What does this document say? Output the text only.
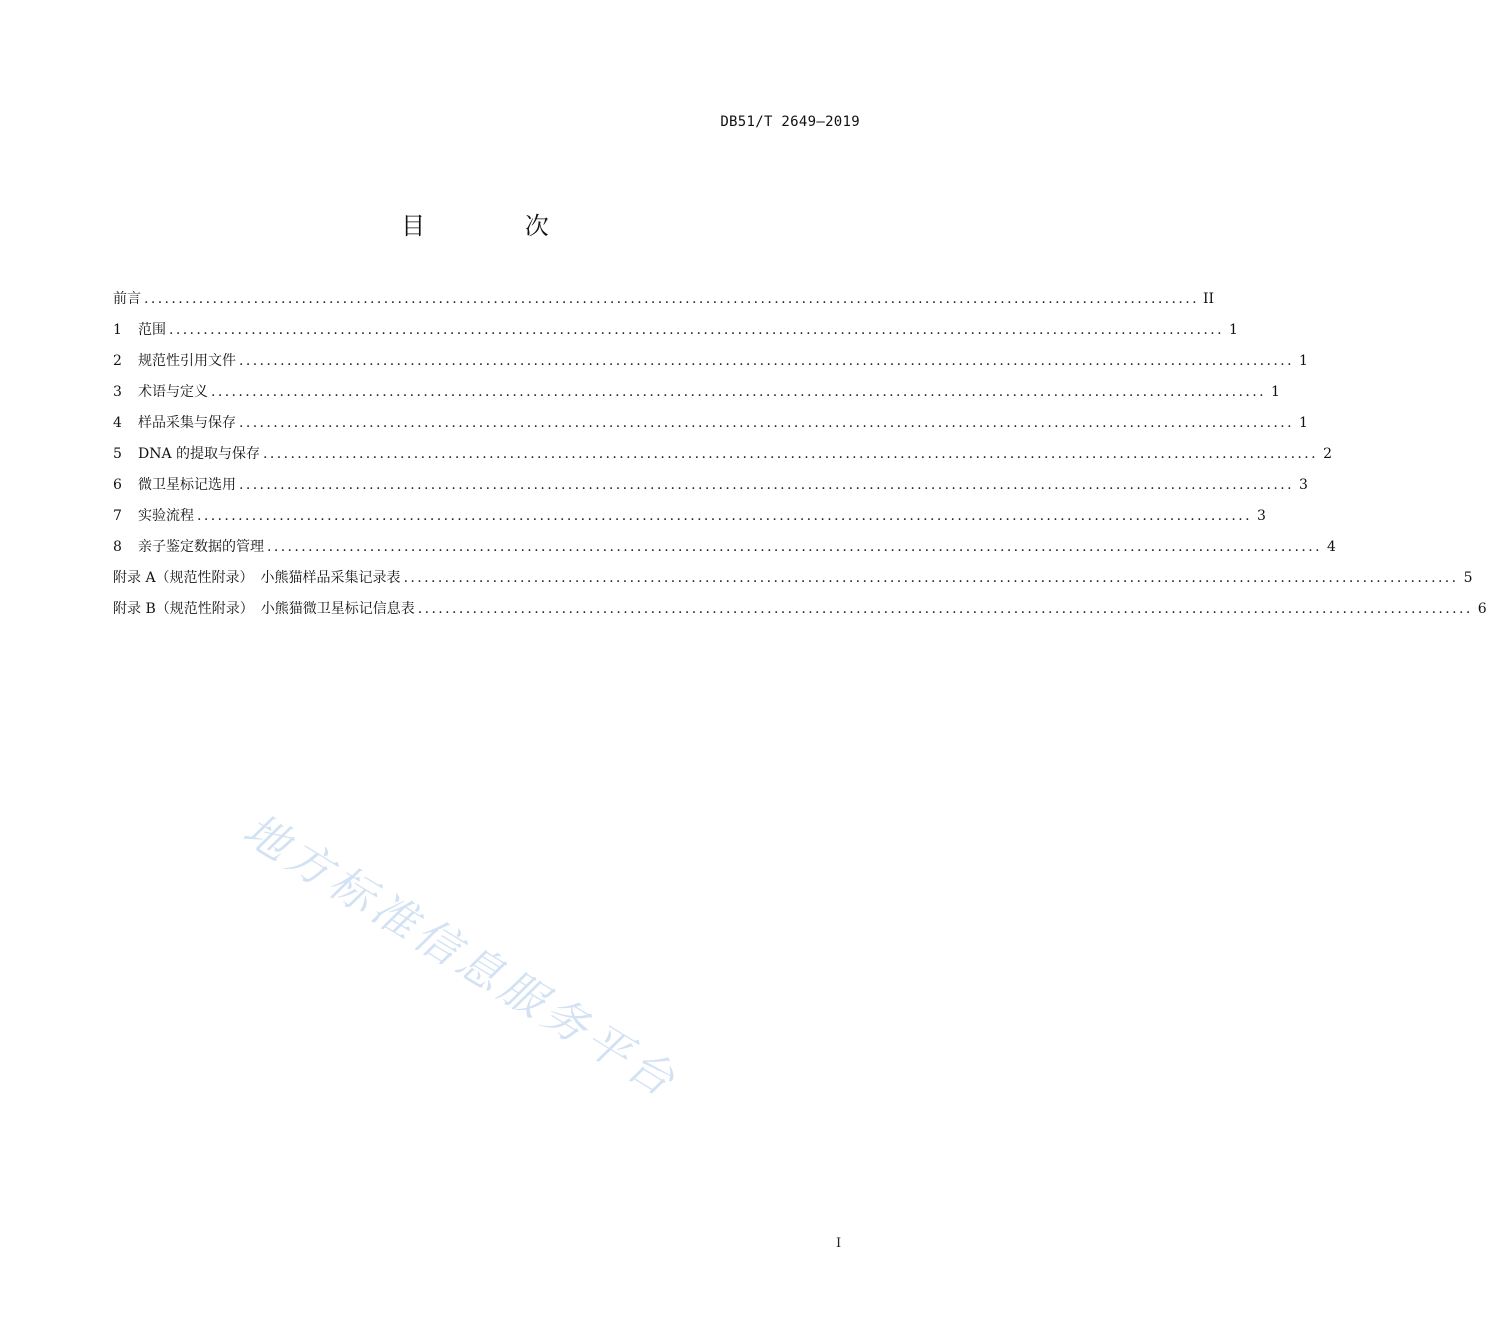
DB51/T 2649—2019
目 次
前言 .......................................................................................................................................................... II
1	范围 .......................................................................................................................................................... 1
2	规范性引用文件 .......................................................................................................................................................... 1
3	术语与定义 .......................................................................................................................................................... 1
4	样品采集与保存 .......................................................................................................................................................... 1
5	DNA 的提取与保存 .......................................................................................................................................................... 2
6	微卫星标记选用 .......................................................................................................................................................... 3
7	实验流程 .......................................................................................................................................................... 3
8	亲子鉴定数据的管理 .......................................................................................................................................................... 4
附录 A（规范性附录）　小熊猫样品采集记录表 .......................................................................................................................................................... 5
附录 B（规范性附录）　小熊猫微卫星标记信息表 .......................................................................................................................................................... 6
地方标准信息服务平台
I
